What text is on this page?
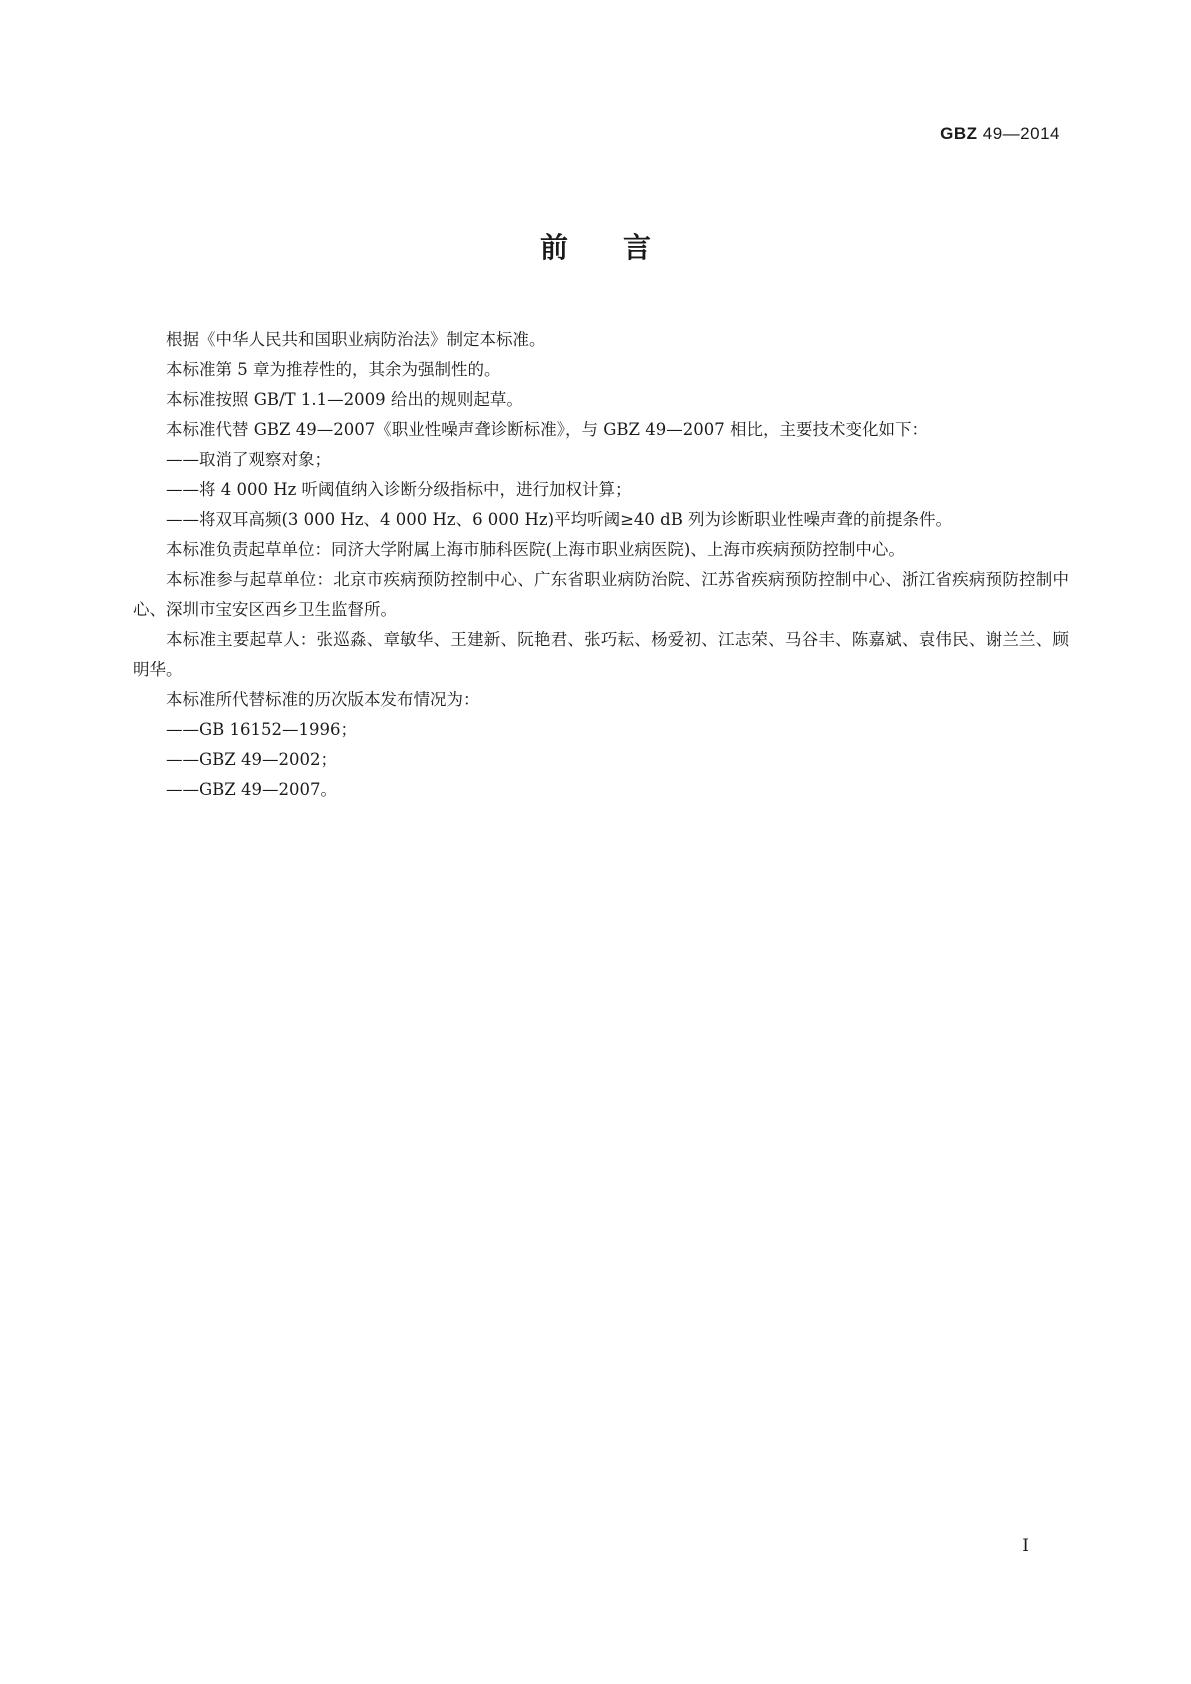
GBZ 49—2014
前言

根据《中华人民共和国职业病防治法》制定本标准。

本标准第 5 章为推荐性的，其余为强制性的。

本标准按照 GB/T 1.1—2009 给出的规则起草。

本标准代替 GBZ 49—2007《职业性噪声聋诊断标准》，与 GBZ 49—2007 相比，主要技术变化如下：

——取消了观察对象；

——将 4 000 Hz 听阈值纳入诊断分级指标中，进行加权计算；

——将双耳高频(3 000 Hz、4 000 Hz、6 000 Hz)平均听阈≥40 dB 列为诊断职业性噪声聋的前提条件。

本标准负责起草单位：同济大学附属上海市肺科医院(上海市职业病医院)、上海市疾病预防控制中心。

本标准参与起草单位：北京市疾病预防控制中心、广东省职业病防治院、江苏省疾病预防控制中心、浙江省疾病预防控制中心、深圳市宝安区西乡卫生监督所。

本标准主要起草人：张巡淼、章敏华、王建新、阮艳君、张巧耘、杨爱初、江志荣、马谷丰、陈嘉斌、袁伟民、谢兰兰、顾明华。

本标准所代替标准的历次版本发布情况为：

——GB 16152—1996；

——GBZ 49—2002；

——GBZ 49—2007。

I
